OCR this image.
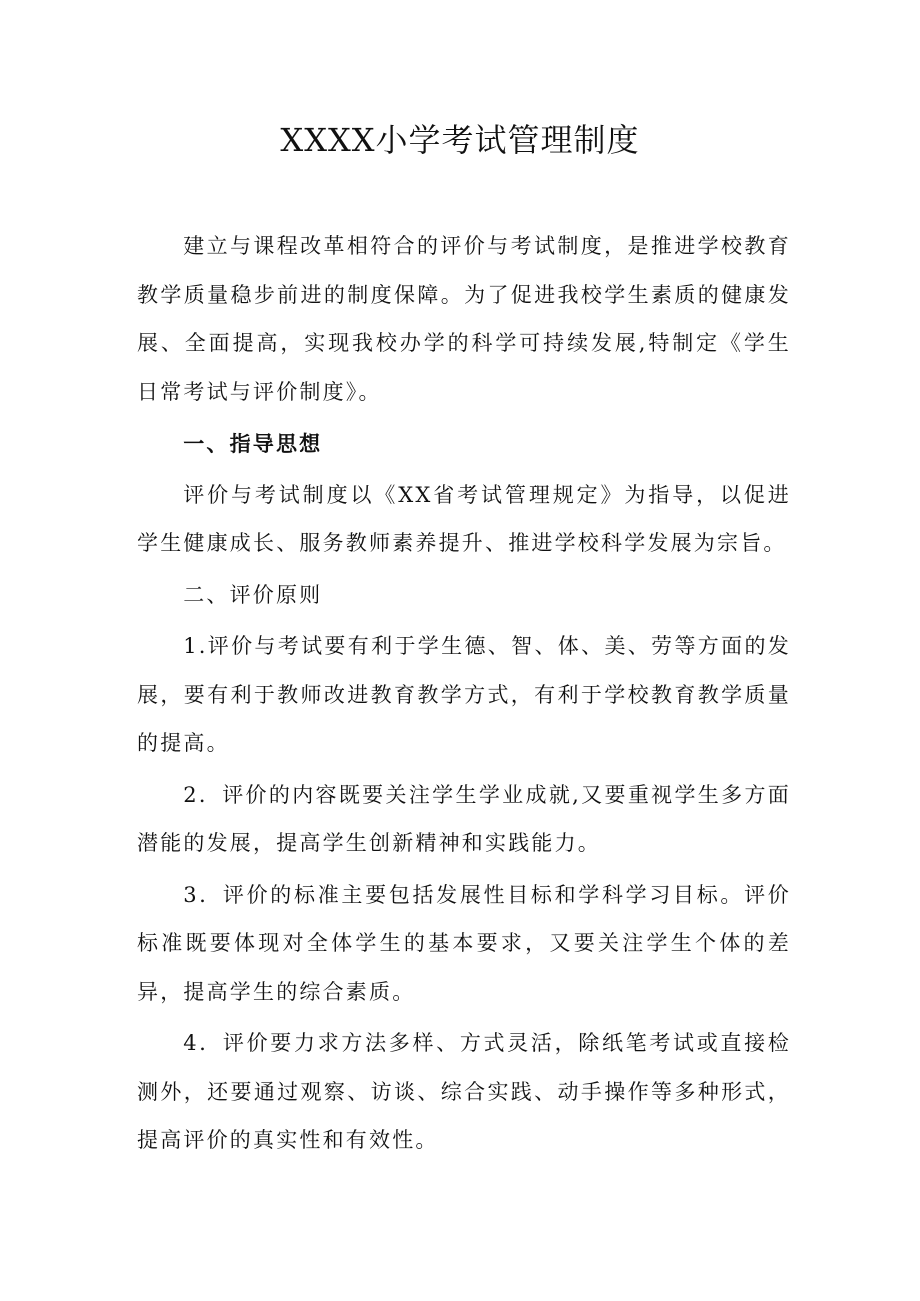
XXXX小学考试管理制度

建立与课程改革相符合的评价与考试制度，是推进学校教育教学质量稳步前进的制度保障。为了促进我校学生素质的健康发展、全面提高，实现我校办学的科学可持续发展,特制定《学生日常考试与评价制度》。

一、指导思想

评价与考试制度以《XX省考试管理规定》为指导，以促进学生健康成长、服务教师素养提升、推进学校科学发展为宗旨。

二、评价原则

1.评价与考试要有利于学生德、智、体、美、劳等方面的发展，要有利于教师改进教育教学方式，有利于学校教育教学质量的提高。

2．评价的内容既要关注学生学业成就,又要重视学生多方面潜能的发展，提高学生创新精神和实践能力。

3．评价的标准主要包括发展性目标和学科学习目标。评价标准既要体现对全体学生的基本要求，又要关注学生个体的差异，提高学生的综合素质。

4．评价要力求方法多样、方式灵活，除纸笔考试或直接检测外，还要通过观察、访谈、综合实践、动手操作等多种形式，提高评价的真实性和有效性。
